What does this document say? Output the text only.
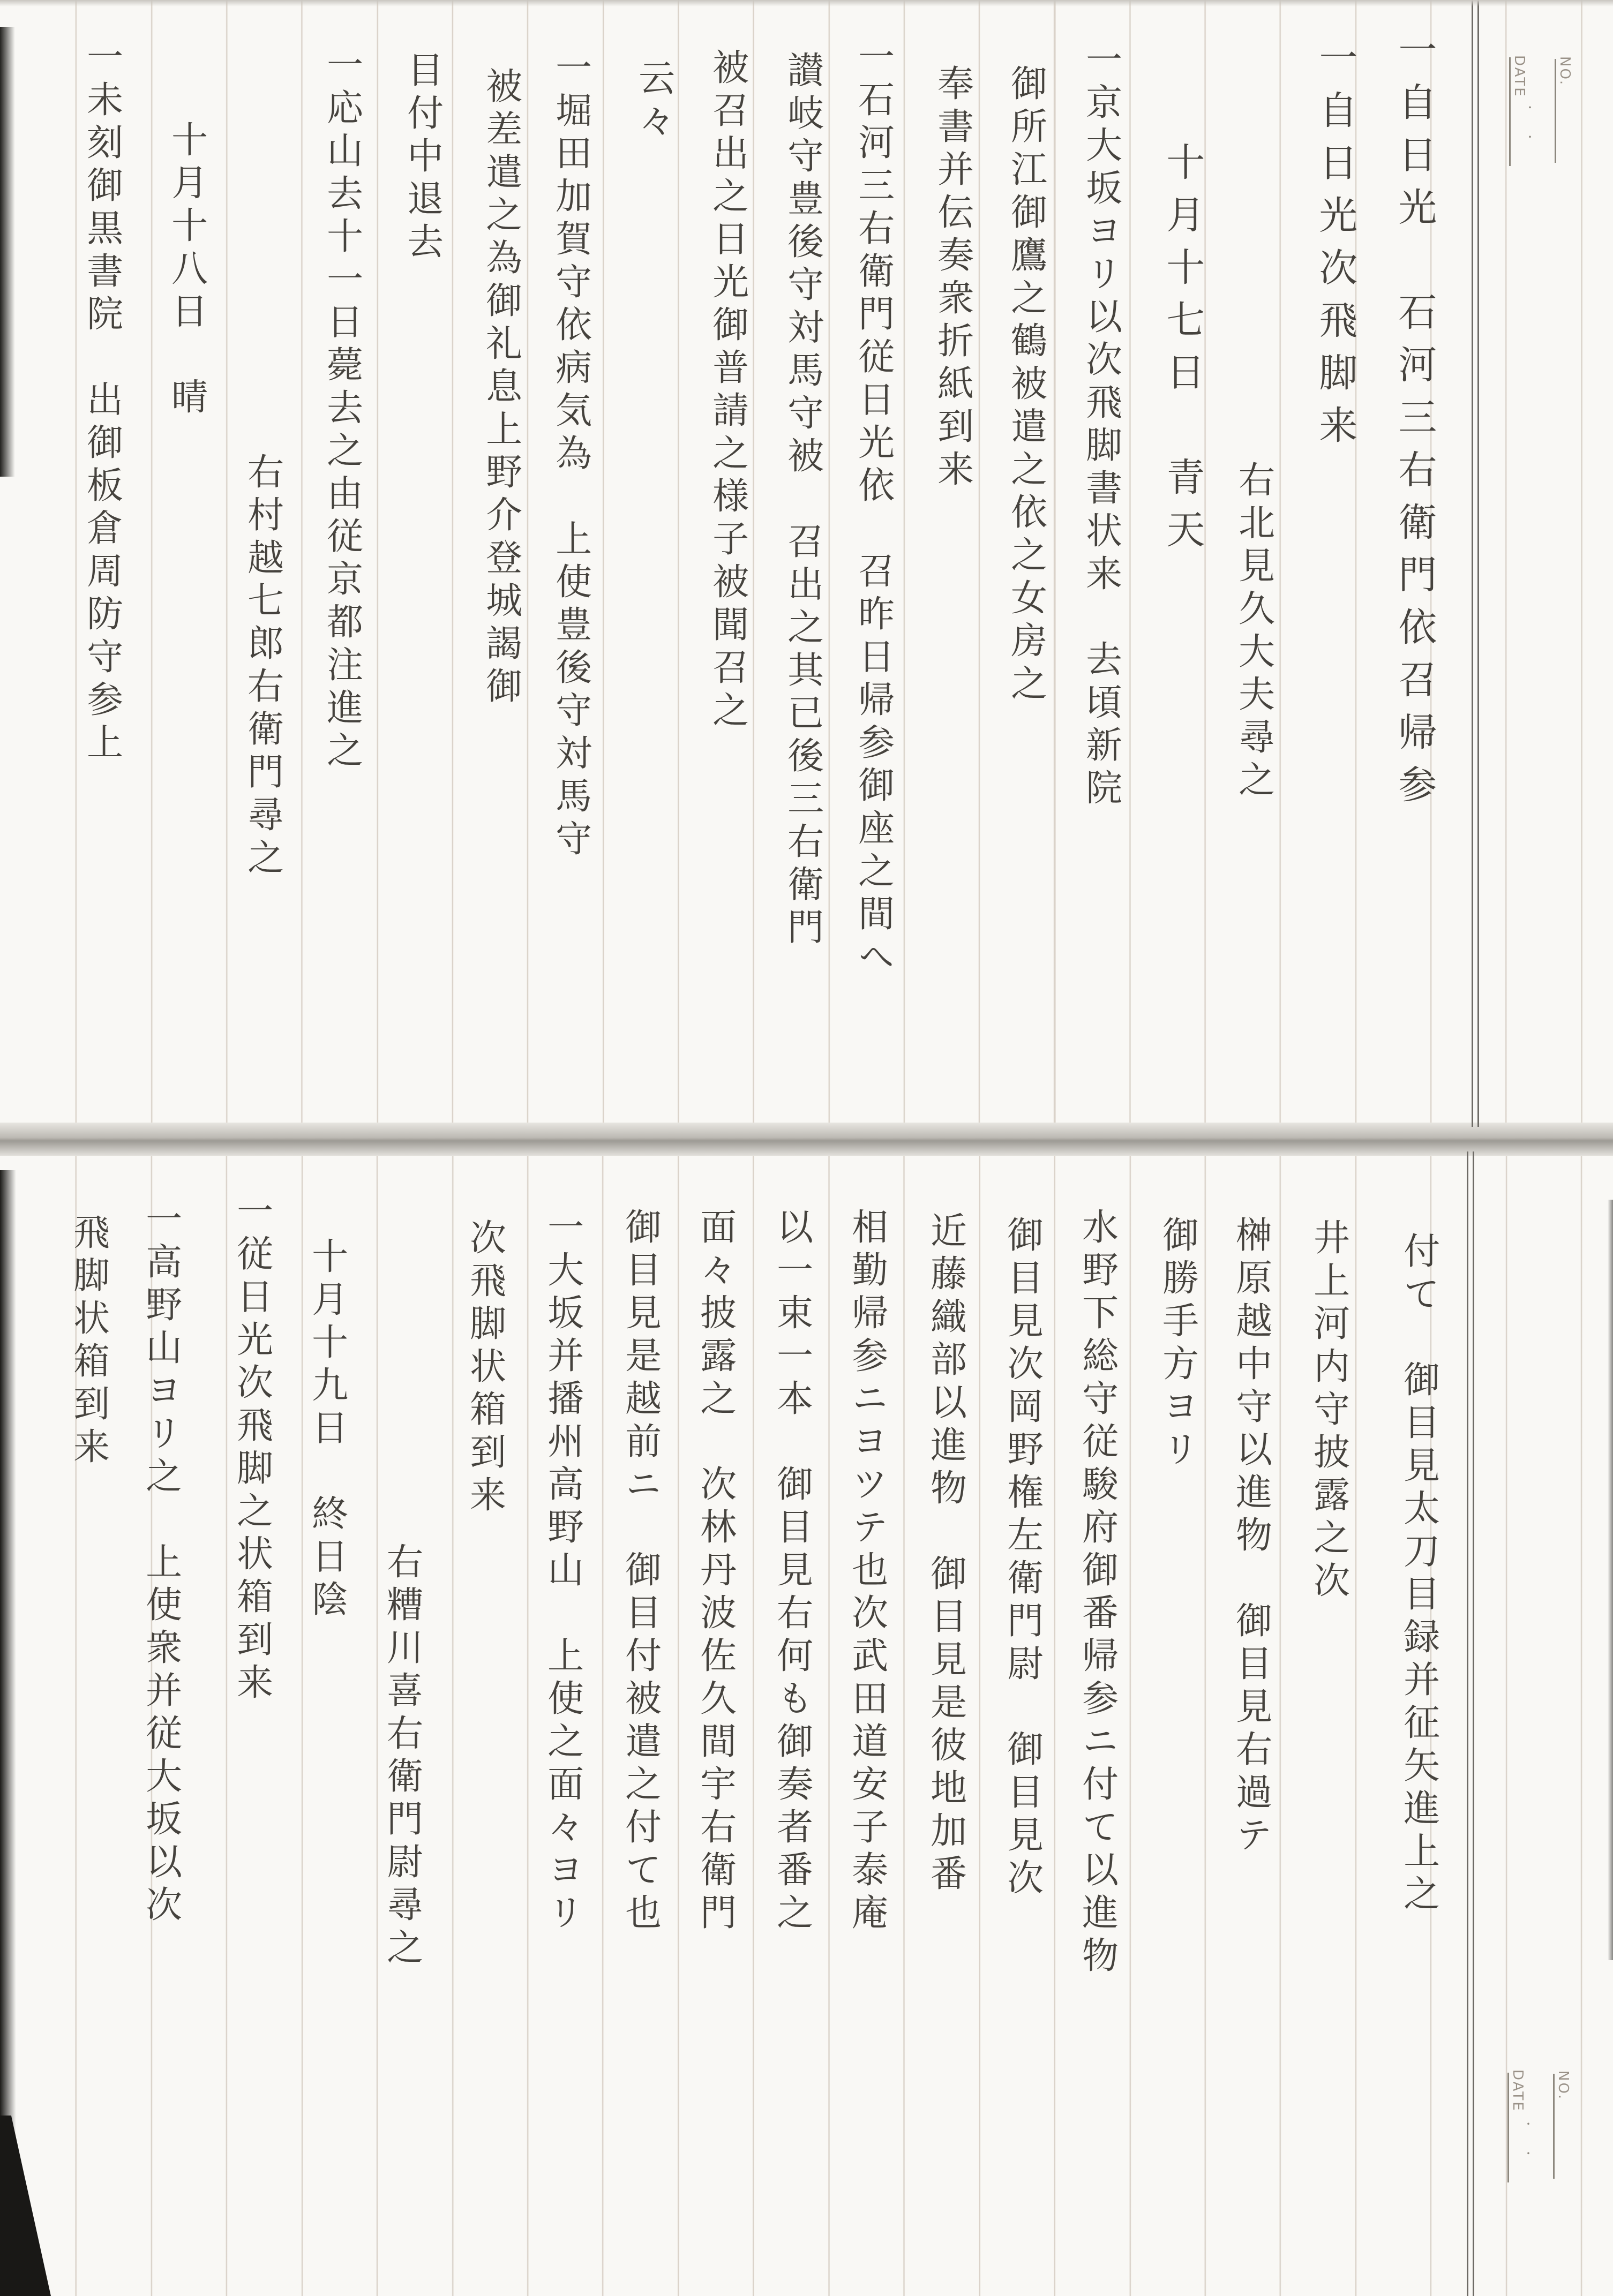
NO.
DATE
・
・
NO.
DATE
・
・
一自日光　石河三右衛門依召帰参
一自日光次飛脚来
右北見久大夫尋之
十月十七日　青天
一京大坂ヨリ以次飛脚書状来　去頃新院
御所江御鷹之鶴被遣之依之女房之
奉書并伝奏衆折紙到来
一石河三右衛門従日光依　召昨日帰参御座之間へ
讃岐守豊後守対馬守被　召出之其已後三右衛門
被召出之日光御普請之様子被聞召之
云々
一堀田加賀守依病気為　上使豊後守対馬守
被差遣之為御礼息上野介登城謁御
目付中退去
一応山去十一日薨去之由従京都注進之
右村越七郎右衛門尋之
十月十八日　晴
一未刻御黒書院　出御板倉周防守参上
付て　御目見太刀目録并征矢進上之
井上河内守披露之次
榊原越中守以進物　御目見右過テ
御勝手方ヨリ
水野下総守従駿府御番帰参ニ付て以進物
御目見次岡野権左衛門尉　御目見次
近藤織部以進物　御目見是彼地加番
相勤帰参ニヨツテ也次武田道安子泰庵
以一束一本　御目見右何も御奏者番之
面々披露之　次林丹波佐久間宇右衛門
御目見是越前ニ　御目付被遣之付て也
一大坂并播州高野山　上使之面々ヨリ
次飛脚状箱到来
右糟川喜右衛門尉尋之
十月十九日　終日陰
一従日光次飛脚之状箱到来
一高野山ヨリ之　上使衆并従大坂以次
飛脚状箱到来
